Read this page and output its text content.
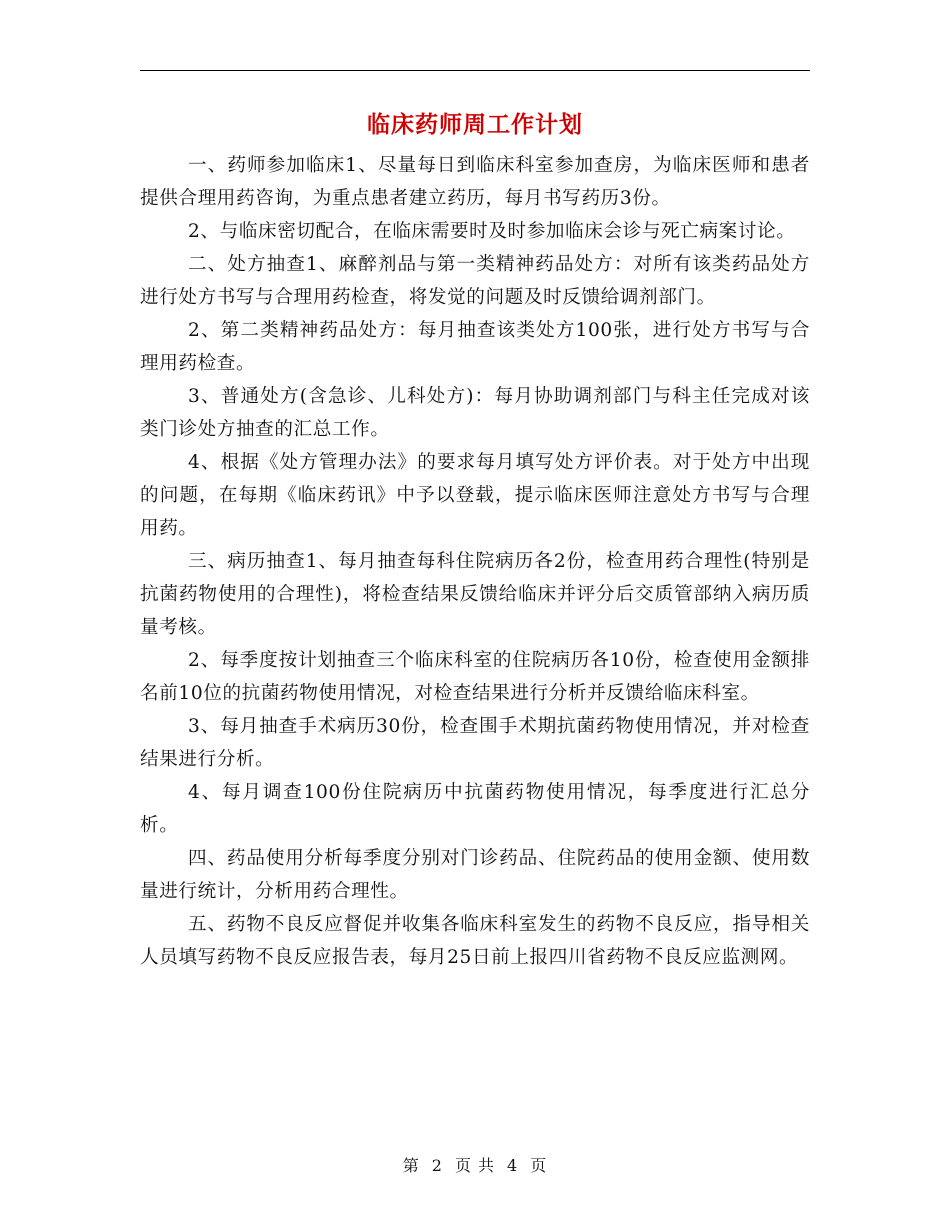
临床药师周工作计划

一、药师参加临床1、尽量每日到临床科室参加查房，为临床医师和患者提供合理用药咨询，为重点患者建立药历，每月书写药历3份。

2、与临床密切配合，在临床需要时及时参加临床会诊与死亡病案讨论。

二、处方抽查1、麻醉剂品与第一类精神药品处方：对所有该类药品处方进行处方书写与合理用药检查，将发觉的问题及时反馈给调剂部门。

2、第二类精神药品处方：每月抽查该类处方100张，进行处方书写与合理用药检查。

3、普通处方(含急诊、儿科处方)：每月协助调剂部门与科主任完成对该类门诊处方抽查的汇总工作。

4、根据《处方管理办法》的要求每月填写处方评价表。对于处方中出现的问题，在每期《临床药讯》中予以登载，提示临床医师注意处方书写与合理用药。

三、病历抽查1、每月抽查每科住院病历各2份，检查用药合理性(特别是抗菌药物使用的合理性)，将检查结果反馈给临床并评分后交质管部纳入病历质量考核。

2、每季度按计划抽查三个临床科室的住院病历各10份，检查使用金额排名前10位的抗菌药物使用情况，对检查结果进行分析并反馈给临床科室。

3、每月抽查手术病历30份，检查围手术期抗菌药物使用情况，并对检查结果进行分析。

4、每月调查100份住院病历中抗菌药物使用情况，每季度进行汇总分析。

四、药品使用分析每季度分别对门诊药品、住院药品的使用金额、使用数量进行统计，分析用药合理性。

五、药物不良反应督促并收集各临床科室发生的药物不良反应，指导相关人员填写药物不良反应报告表，每月25日前上报四川省药物不良反应监测网。

第 2 页 共 4 页
